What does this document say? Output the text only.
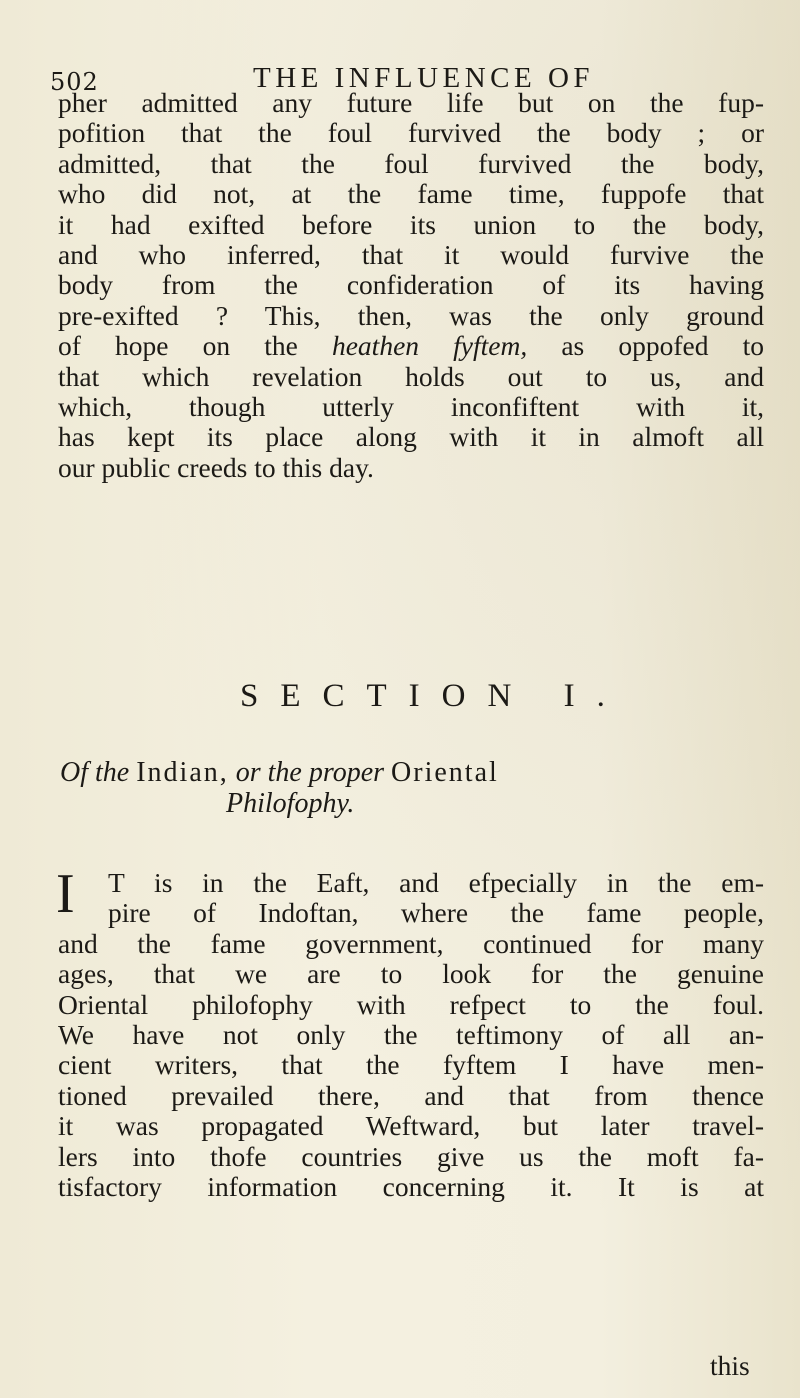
502	THE INFLUENCE OF
pher admitted any future life but on the fup-
pofition that the foul furvived the body ; or
admitted, that the foul furvived the body,
who did not, at the fame time, fuppofe that
it had exifted before its union to the body,
and who inferred, that it would furvive the
body from the confideration of its having
pre-exifted ? This, then, was the only ground
of hope on the heathen fyftem, as oppofed to
that which revelation holds out to us, and
which, though utterly inconfiftent with it,
has kept its place along with it in almoft all
our public creeds to this day.
SECTION I.
Of the Indian, or the proper Oriental
Philofophy.
I	T is in the Eaft, and efpecially in the em-
pire of Indoftan, where the fame people,
and the fame government, continued for many
ages, that we are to look for the genuine
Oriental philofophy with refpect to the foul.
We have not only the teftimony of all an-
cient writers, that the fyftem I have men-
tioned prevailed there, and that from thence
it was propagated Weftward, but later travel-
lers into thofe countries give us the moft fa-
tisfactory information concerning it. It is at
this
